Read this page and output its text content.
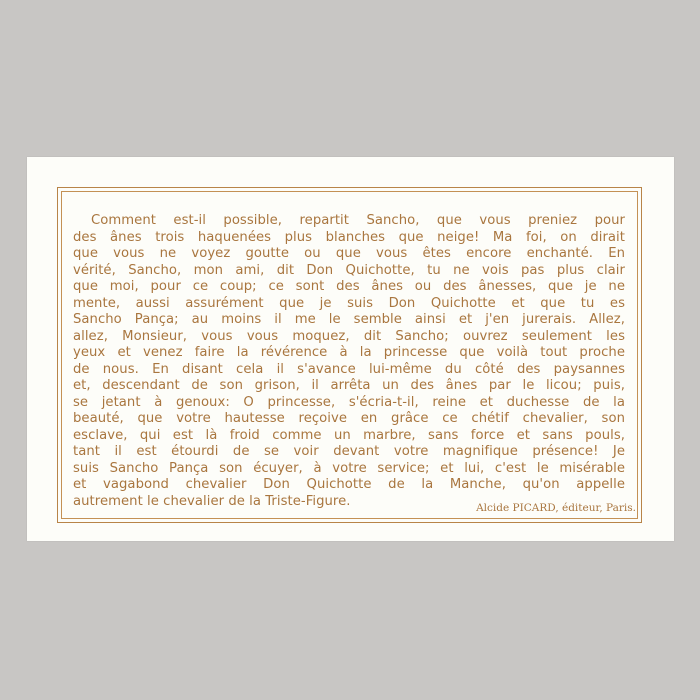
Comment est-il possible, repartit Sancho, que vous preniez pour
des ânes trois haquenées plus blanches que neige! Ma foi, on dirait
que vous ne voyez goutte ou que vous êtes encore enchanté. En
vérité, Sancho, mon ami, dit Don Quichotte, tu ne vois pas plus clair
que moi, pour ce coup; ce sont des ânes ou des ânesses, que je ne
mente, aussi assurément que je suis Don Quichotte et que tu es
Sancho Pança; au moins il me le semble ainsi et j'en jurerais. Allez,
allez, Monsieur, vous vous moquez, dit Sancho; ouvrez seulement les
yeux et venez faire la révérence à la princesse que voilà tout proche
de nous. En disant cela il s'avance lui-même du côté des paysannes
et, descendant de son grison, il arrêta un des ânes par le licou; puis,
se jetant à genoux: O princesse, s'écria-t-il, reine et duchesse de la
beauté, que votre hautesse reçoive en grâce ce chétif chevalier, son
esclave, qui est là froid comme un marbre, sans force et sans pouls,
tant il est étourdi de se voir devant votre magnifique présence! Je
suis Sancho Pança son écuyer, à votre service; et lui, c'est le misérable
et vagabond chevalier Don Quichotte de la Manche, qu'on appelle
autrement le chevalier de la Triste-Figure.	Alcide PICARD, éditeur, Paris.
